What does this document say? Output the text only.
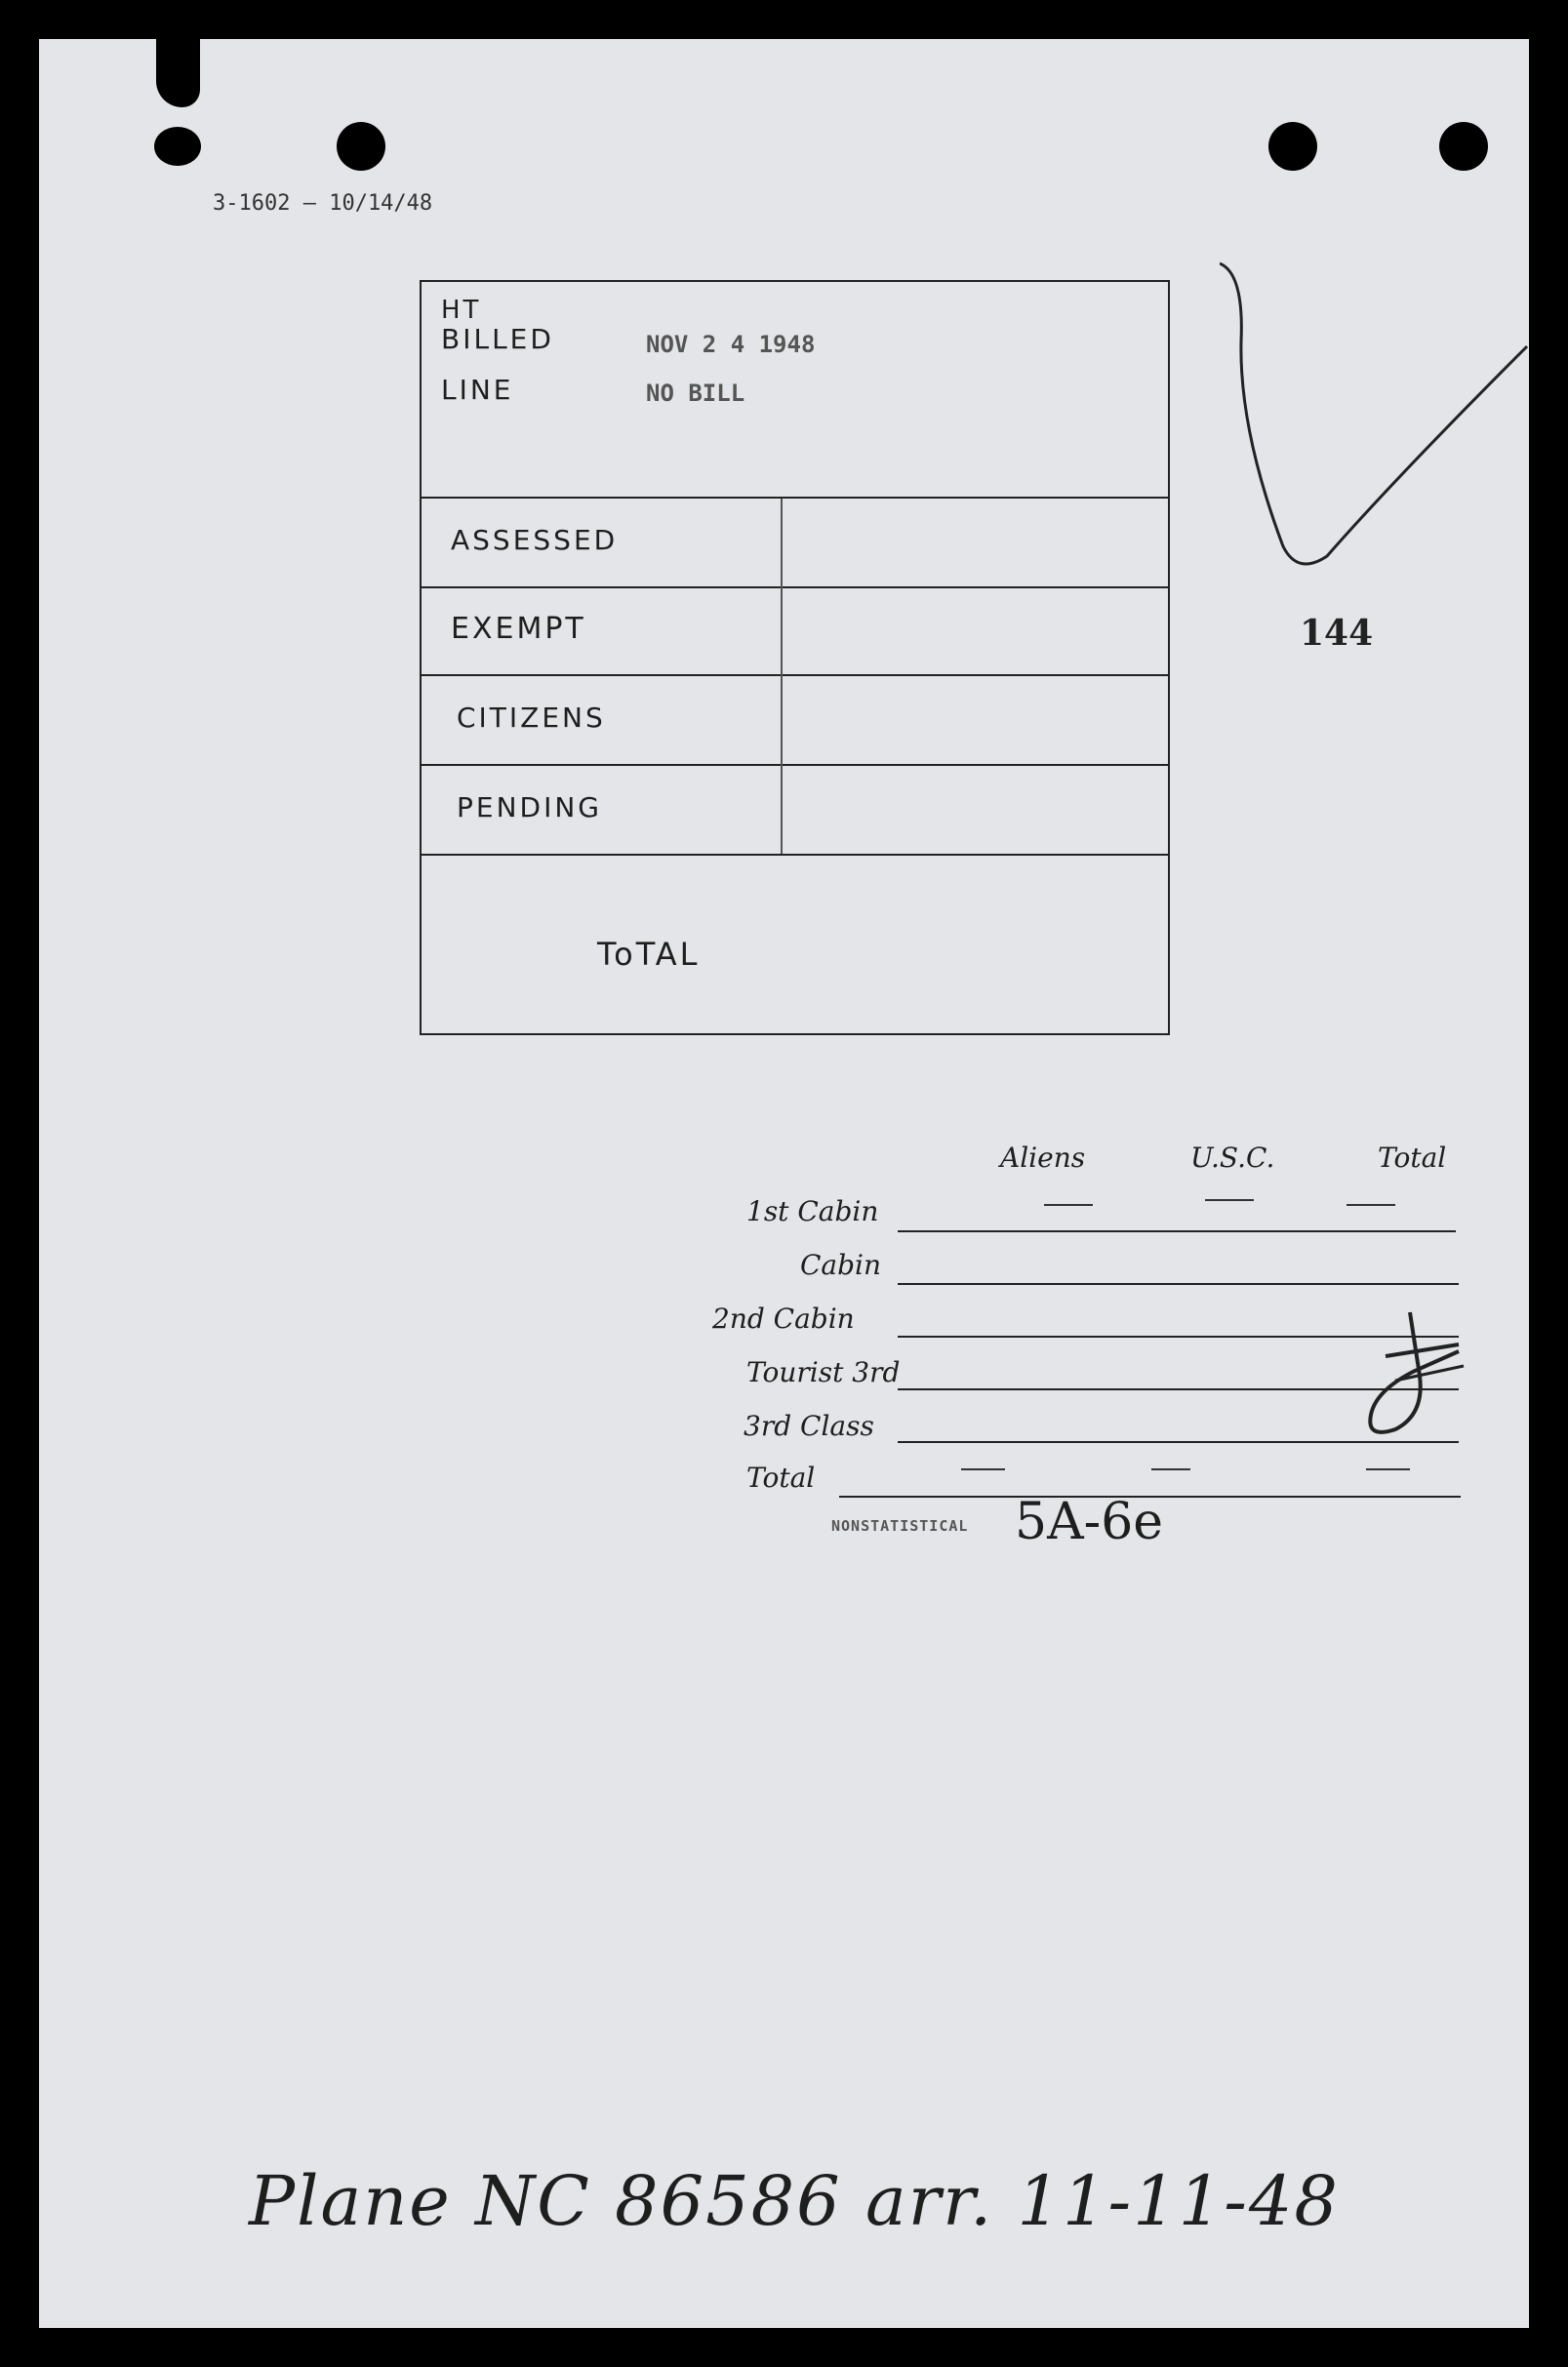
3-1602 — 10/14/48
HT
BILLED	NOV 2 4 1948
LINE	NO BILL
ASSESSED
EXEMPT
CITIZENS
PENDING
ToTAL
144
Aliens	U.S.C.	Total
1st Cabin
Cabin
2nd Cabin
Tourist 3rd
3rd Class
Total
NONSTATISTICAL 5A-6e
Plane NC 86586 arr. 11-11-48
